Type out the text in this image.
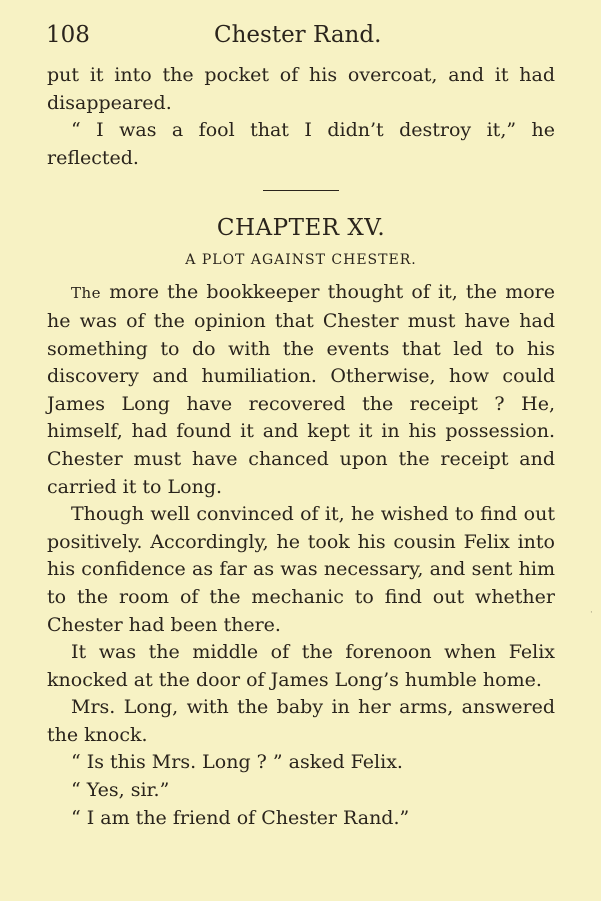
108	Chester Rand.

put it into the pocket of his overcoat, and it had disappeared.

“ I was a fool that I didn’t destroy it,” he reflected.

CHAPTER XV.

A PLOT AGAINST CHESTER.

The more the bookkeeper thought of it, the more he was of the opinion that Chester must have had something to do with the events that led to his discovery and humiliation. Otherwise, how could James Long have recovered the receipt ? He, himself, had found it and kept it in his possession. Chester must have chanced upon the receipt and carried it to Long.

Though well convinced of it, he wished to find out positively. Accordingly, he took his cousin Felix into his confidence as far as was necessary, and sent him to the room of the mechanic to find out whether Chester had been there.

It was the middle of the forenoon when Felix knocked at the door of James Long’s humble home.

Mrs. Long, with the baby in her arms, answered the knock.

“ Is this Mrs. Long ? ” asked Felix.

“ Yes, sir.”

“ I am the friend of Chester Rand.”

·
